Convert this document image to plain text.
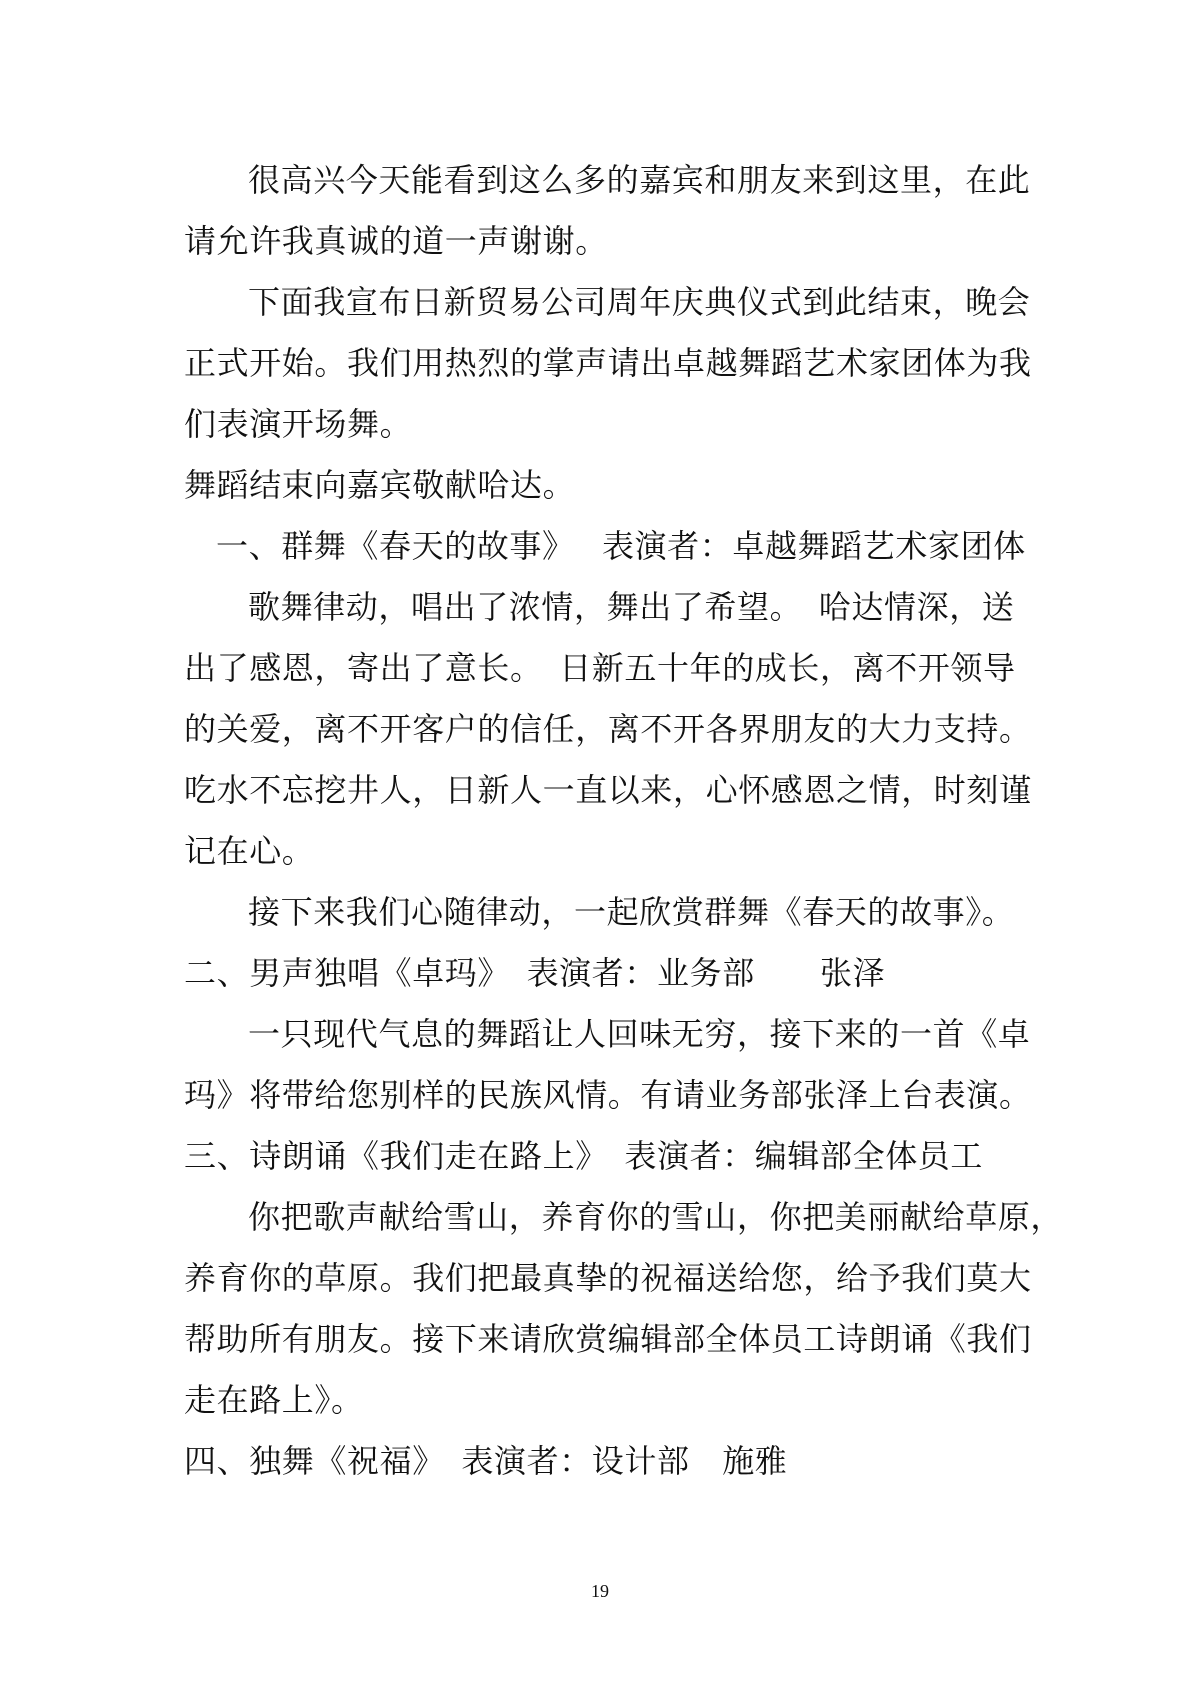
很高兴今天能看到这么多的嘉宾和朋友来到这里，在此
请允许我真诚的道一声谢谢。
下面我宣布日新贸易公司周年庆典仪式到此结束，晚会
正式开始。我们用热烈的掌声请出卓越舞蹈艺术家团体为我
们表演开场舞。
舞蹈结束向嘉宾敬献哈达。
一、群舞《春天的故事》　 表演者：卓越舞蹈艺术家团体
歌舞律动，唱出了浓情，舞出了希望。　哈达情深，送
出了感恩，寄出了意长。　日新五十年的成长，离不开领导
的关爱，离不开客户的信任，离不开各界朋友的大力支持。
吃水不忘挖井人，日新人一直以来，心怀感恩之情，时刻谨
记在心。
接下来我们心随律动，一起欣赏群舞《春天的故事》。
二、男声独唱《卓玛》　表演者：业务部　　张泽
一只现代气息的舞蹈让人回味无穷，接下来的一首《卓
玛》将带给您别样的民族风情。有请业务部张泽上台表演。
三、诗朗诵《我们走在路上》　表演者：编辑部全体员工
你把歌声献给雪山，养育你的雪山，你把美丽献给草原，
养育你的草原。我们把最真挚的祝福送给您，给予我们莫大
帮助所有朋友。接下来请欣赏编辑部全体员工诗朗诵《我们
走在路上》。
四、独舞《祝福》　表演者：设计部　施雅
19
